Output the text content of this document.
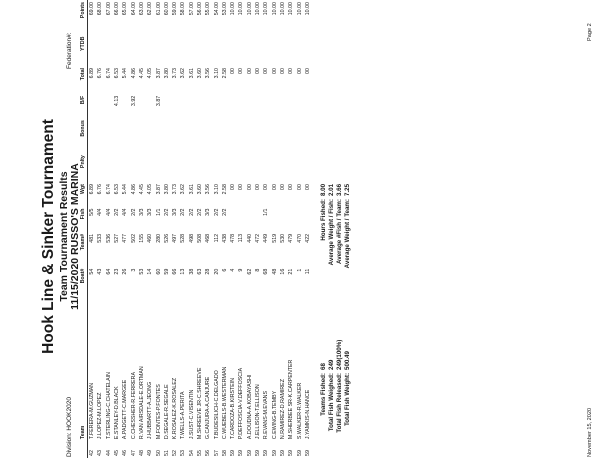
Hook Line & Sinker Tournament Team Tournament Results 11/15/2020 RUSSO'S MARINA
Division: HOOK2020
Federation#:
	Team	Boat#	Team#	Fish	Wgt	Pnlty	Bonus	B/F	Total	YTDB	Points
42	T.FERERA-M.GUZMAN	54	481	5/5	6.89				6.89		69.00
43	J.LOPEZ-M.LOPEZ	43	533	4/4	6.76				6.76		68.00
44	T.STERLING-C.CHATELAIN	64	536	4/4	6.74				6.74		67.00
45	E.STANLEY-D.BLACK	23	527	2/2	6.53			4.13	6.53		66.00
46	A.PADGETT-C.MARGEE	26	477	4/4	5.44				5.44		65.00
47	C.CHESSHER-R.FERRERA	3	502	2/2	4.86			3.92	4.86		64.00
48	R.VAN AIRSDALE-E.ORTMAN	53	155	3/3	4.45				4.45		63.00
49	J.HUBBARTT-A.JEONG	14	460	3/3	4.05				4.05		62.00
50	M.FONTES-P.FONTES	60	280	1/1	3.87			3.87	3.87		61.00
51	D.SEGALE-R.SEGALE	59	526	2/2	3.80				3.80		60.00
52	K.ROSALEZ-K.ROSALEZ	66	497	3/3	3.73				3.73		59.00
53	T.WELLS-A.PERITA	13	528	2/2	3.62				3.62		58.00
54	J.SUST-C.VISENTIN	38	498	2/2	3.61				3.61		57.00
55	M.SHREEVE JR-C.SHREEVE	63	508	2/2	3.60				3.60		56.00
56	G.CANJURA-A.CANJURE	28	468	3/3	3.56				3.56		55.00
57	T.BUDESILICH-C.DELGADO	20	112	2/2	3.10				3.10		54.00
58	C.WUEBELS-B.WESTERMAN	6	438	2/2	2.58				2.58		53.00
59	T.CARDOZA-B.KIRSTEIN	4	478		00				00		10.00
59	P.DEFFOSCIA-V.DEFFOSCIA	9	113		00				00		10.00
59	A.DOUDNA-A.KOBAYASHI	62	440		00				00		10.00
59	J.ELLISON-T.ELLISON	8	472		00				00		10.00
59	R.EVANS-M.EVANS	68	449	1/1	00				00		10.00
59	C.EWING-B.TEMBY	48	519		00				00		10.00
59	N.RAMIREZ-D.RAMIREZ	16	530		00				00		10.00
59	M.SHERBEE SR-K.CARPENTER	21	479		00				00		10.00
59	S.WALKER-R.WALKER	1	470		00				00		10.00
59	J.YAMKIS-N.HANCE	11	422		00				00		10.00
Teams Fished:
68
Total Fish Weighed:
249
Total Fish Released:
249(100%)
Total Fish Weight:
500.49
Hours Fished:
8.00
Average Weight / Fish:
2.01
Average #Fish / Team:
3.66
Average Weight / Team:
7.25
November 15, 2020
Page 2
